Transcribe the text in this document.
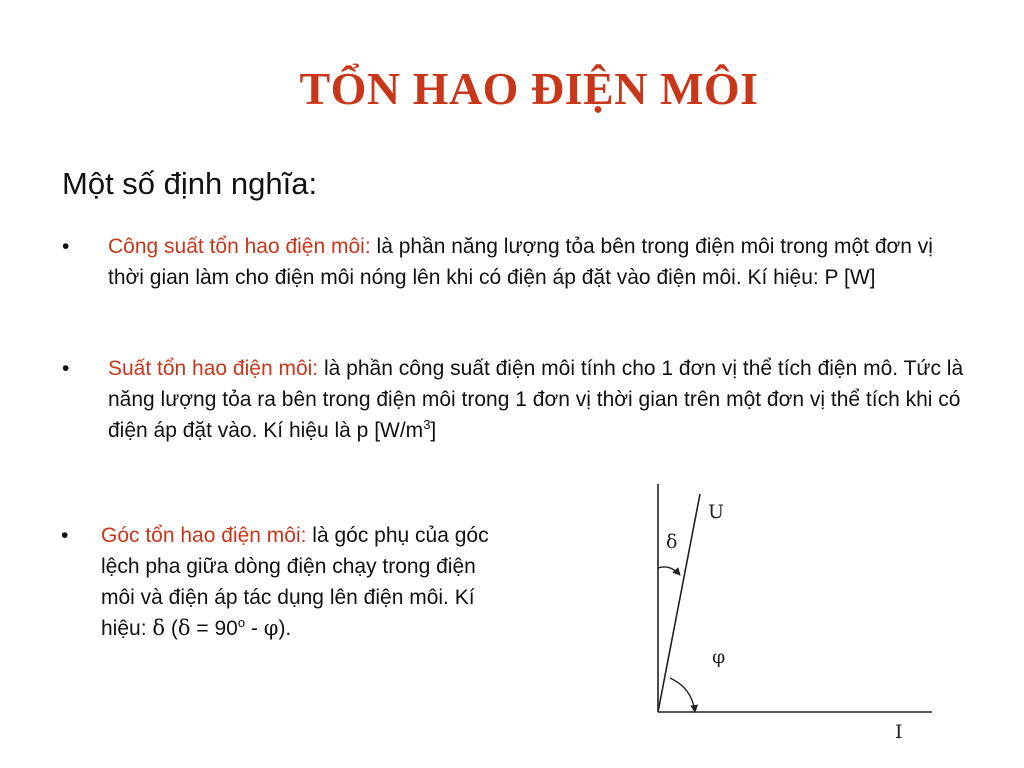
TỔN HAO ĐIỆN MÔI
Một số định nghĩa:
• Công suất tổn hao điện môi: là phần năng lượng tỏa bên trong điện môi trong một đơn vị thời gian làm cho điện môi nóng lên khi có điện áp đặt vào điện môi. Kí hiệu: P [W]
• Suất tổn hao điện môi: là phần công suất điện môi tính cho 1 đơn vị thể tích điện mô. Tức là năng lượng tỏa ra bên trong điện môi trong 1 đơn vị thời gian trên một đơn vị thể tích khi có điện áp đặt vào. Kí hiệu là p $[W/m^3]$
• Góc tổn hao điện môi: là góc phụ của góc lệch pha giữa dòng điện chạy trong điện môi và điện áp tác dụng lên điện môi. Kí hiệu: δ $(\delta = 90^o - \varphi)$.
U
δ
φ
I
